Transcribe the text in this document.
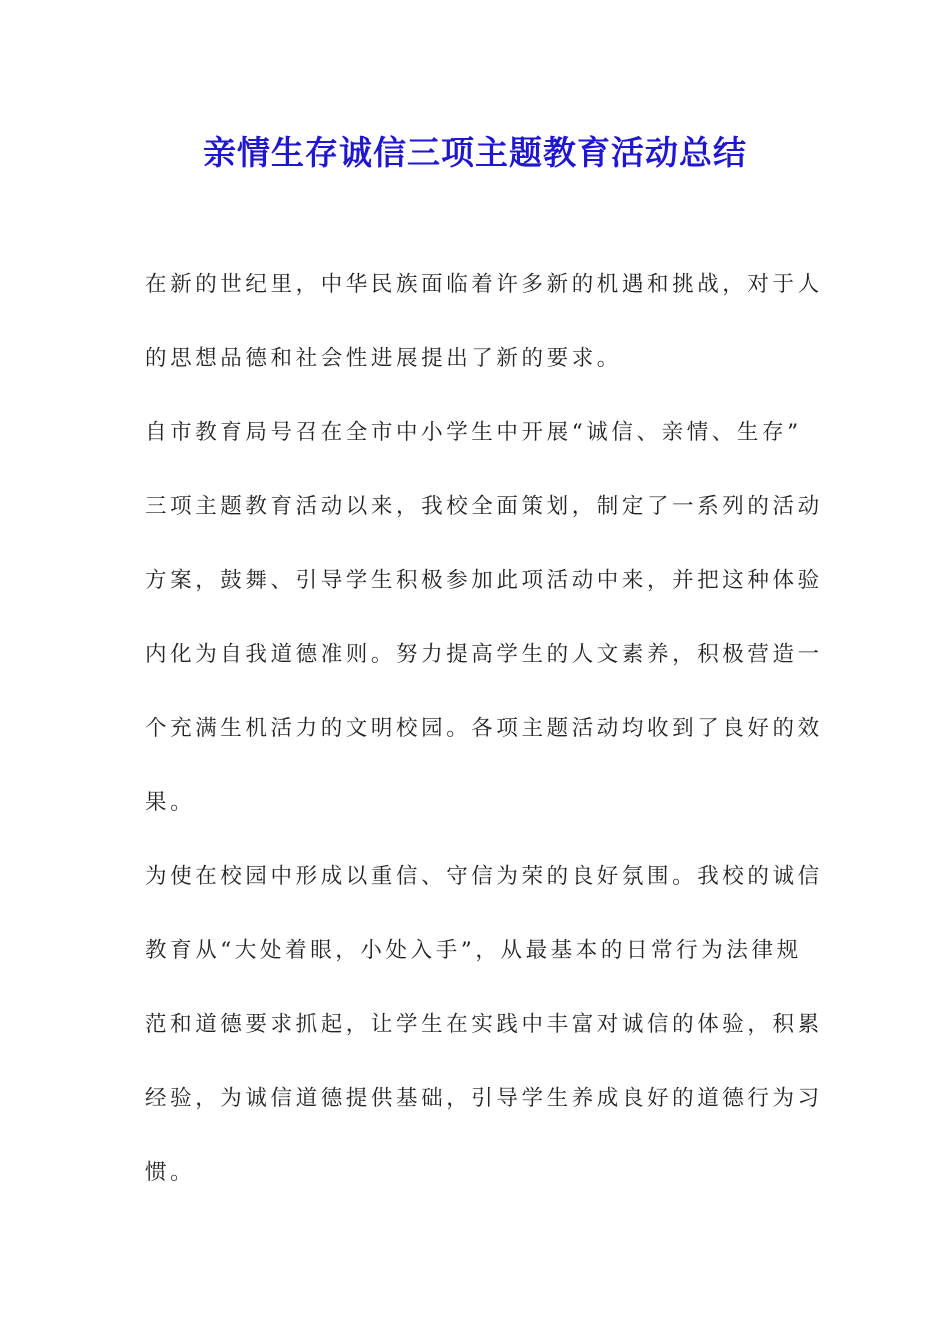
亲情生存诚信三项主题教育活动总结
在新的世纪里，中华民族面临着许多新的机遇和挑战，对于人
的思想品德和社会性进展提出了新的要求。
自市教育局号召在全市中小学生中开展“诚信、亲情、生存”
三项主题教育活动以来，我校全面策划，制定了一系列的活动
方案，鼓舞、引导学生积极参加此项活动中来，并把这种体验
内化为自我道德准则。努力提高学生的人文素养，积极营造一
个充满生机活力的文明校园。各项主题活动均收到了良好的效
果。
为使在校园中形成以重信、守信为荣的良好氛围。我校的诚信
教育从“大处着眼，小处入手”，从最基本的日常行为法律规
范和道德要求抓起，让学生在实践中丰富对诚信的体验，积累
经验，为诚信道德提供基础，引导学生养成良好的道德行为习
惯。
